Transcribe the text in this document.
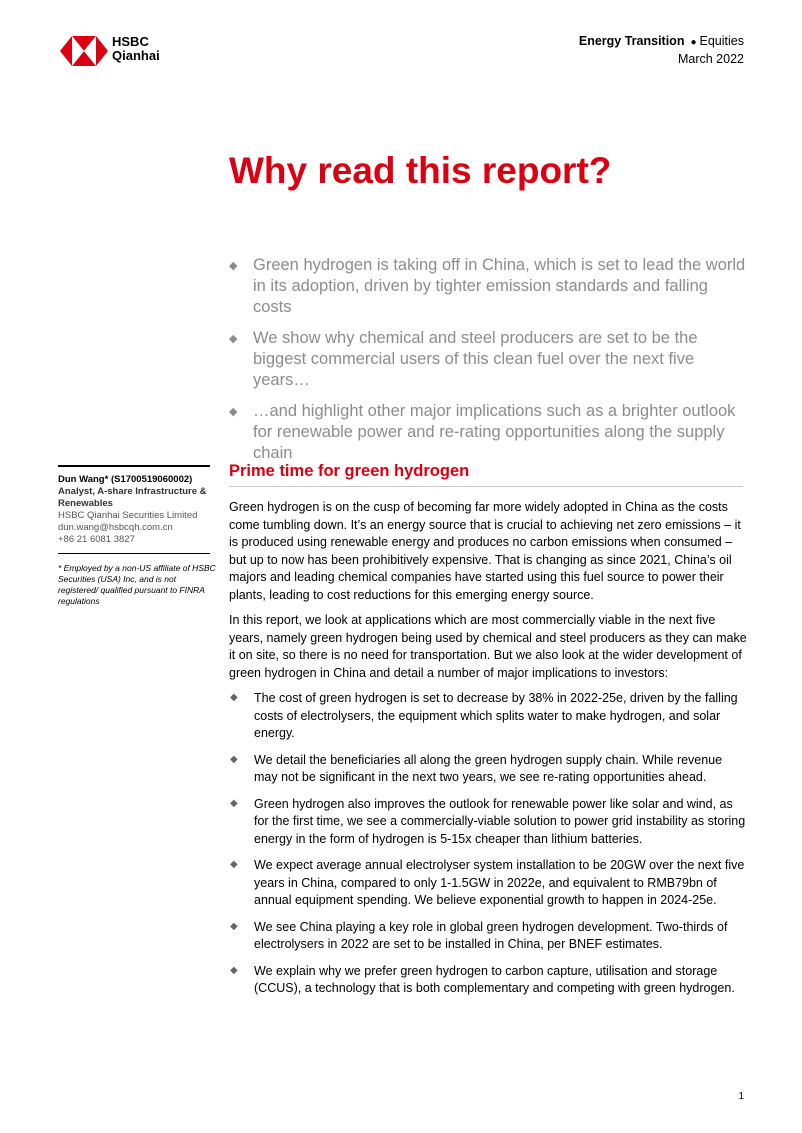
HSBC
Qianhai
Energy Transition ● Equities
March 2022
Why read this report?
◆ Green hydrogen is taking off in China, which is set to lead the world in its adoption, driven by tighter emission standards and falling costs
◆ We show why chemical and steel producers are set to be the biggest commercial users of this clean fuel over the next five years…
◆ …and highlight other major implications such as a brighter outlook for renewable power and re-rating opportunities along the supply chain
Dun Wang* (S1700519060002)
Analyst, A-share Infrastructure & Renewables
HSBC Qianhai Securities Limited
dun.wang@hsbcqh.com.cn
+86 21 6081 3827
* Employed by a non-US affiliate of HSBC Securities (USA) Inc, and is not registered/ qualified pursuant to FINRA regulations
Prime time for green hydrogen

Green hydrogen is on the cusp of becoming far more widely adopted in China as the costs come tumbling down. It’s an energy source that is crucial to achieving net zero emissions – it is produced using renewable energy and produces no carbon emissions when consumed – but up to now has been prohibitively expensive. That is changing as since 2021, China’s oil majors and leading chemical companies have started using this fuel source to power their plants, leading to cost reductions for this emerging energy source.

In this report, we look at applications which are most commercially viable in the next five years, namely green hydrogen being used by chemical and steel producers as they can make it on site, so there is no need for transportation. But we also look at the wider development of green hydrogen in China and detail a number of major implications to investors:

◆ The cost of green hydrogen is set to decrease by 38% in 2022-25e, driven by the falling costs of electrolysers, the equipment which splits water to make hydrogen, and solar energy.
◆ We detail the beneficiaries all along the green hydrogen supply chain. While revenue may not be significant in the next two years, we see re-rating opportunities ahead.
◆ Green hydrogen also improves the outlook for renewable power like solar and wind, as for the first time, we see a commercially-viable solution to power grid instability as storing energy in the form of hydrogen is 5-15x cheaper than lithium batteries.
◆ We expect average annual electrolyser system installation to be 20GW over the next five years in China, compared to only 1-1.5GW in 2022e, and equivalent to RMB79bn of annual equipment spending. We believe exponential growth to happen in 2024-25e.
◆ We see China playing a key role in global green hydrogen development. Two-thirds of electrolysers in 2022 are set to be installed in China, per BNEF estimates.
◆ We explain why we prefer green hydrogen to carbon capture, utilisation and storage (CCUS), a technology that is both complementary and competing with green hydrogen.
1
